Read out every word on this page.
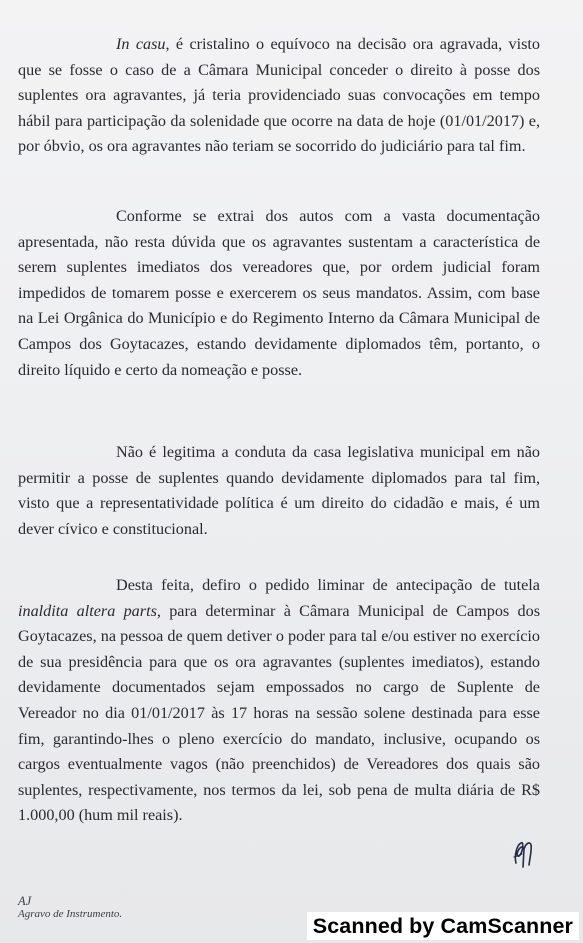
In casu, é cristalino o equívoco na decisão ora agravada, visto que se fosse o caso de a Câmara Municipal conceder o direito à posse dos suplentes ora agravantes, já teria providenciado suas convocações em tempo hábil para participação da solenidade que ocorre na data de hoje (01/01/2017) e, por óbvio, os ora agravantes não teriam se socorrido do judiciário para tal fim.

Conforme se extrai dos autos com a vasta documentação apresentada, não resta dúvida que os agravantes sustentam a característica de serem suplentes imediatos dos vereadores que, por ordem judicial foram impedidos de tomarem posse e exercerem os seus mandatos. Assim, com base na Lei Orgânica do Município e do Regimento Interno da Câmara Municipal de Campos dos Goytacazes, estando devidamente diplomados têm, portanto, o direito líquido e certo da nomeação e posse.

Não é legitima a conduta da casa legislativa municipal em não permitir a posse de suplentes quando devidamente diplomados para tal fim, visto que a representatividade política é um direito do cidadão e mais, é um dever cívico e constitucional.

Desta feita, defiro o pedido liminar de antecipação de tutela inaldita altera parts, para determinar à Câmara Municipal de Campos dos Goytacazes, na pessoa de quem detiver o poder para tal e/ou estiver no exercício de sua presidência para que os ora agravantes (suplentes imediatos), estando devidamente documentados sejam empossados no cargo de Suplente de Vereador no dia 01/01/2017 às 17 horas na sessão solene destinada para esse fim, garantindo-lhes o pleno exercício do mandato, inclusive, ocupando os cargos eventualmente vagos (não preenchidos) de Vereadores dos quais são suplentes, respectivamente, nos termos da lei, sob pena de multa diária de R$ 1.000,00 (hum mil reais).

AJ
Agravo de Instrumento.	Scanned by CamScanner
